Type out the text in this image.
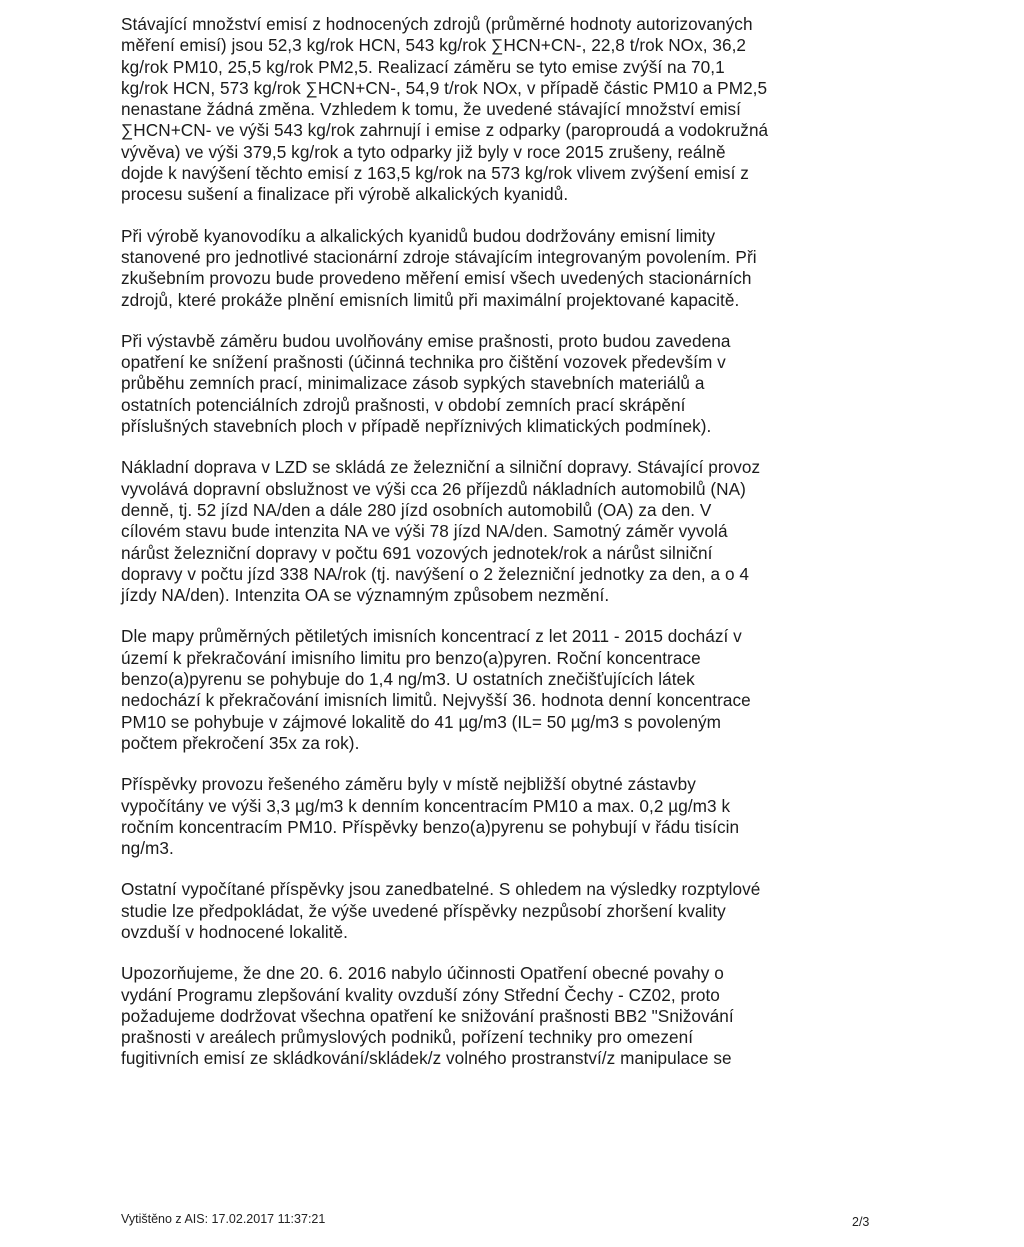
Stávající množství emisí z hodnocených zdrojů (průměrné hodnoty autorizovaných
měření emisí) jsou 52,3 kg/rok HCN, 543 kg/rok ∑HCN+CN-, 22,8 t/rok NOx, 36,2
kg/rok PM10, 25,5 kg/rok PM2,5. Realizací záměru se tyto emise zvýší na 70,1
kg/rok HCN, 573 kg/rok ∑HCN+CN-, 54,9 t/rok NOx, v případě částic PM10 a PM2,5
nenastane žádná změna. Vzhledem k tomu, že uvedené stávající množství emisí
∑HCN+CN- ve výši 543 kg/rok zahrnují i emise z odparky (paroproudá a vodokružná
vývěva) ve výši 379,5 kg/rok a tyto odparky již byly v roce 2015 zrušeny, reálně
dojde k navýšení těchto emisí z 163,5 kg/rok na 573 kg/rok vlivem zvýšení emisí z
procesu sušení a finalizace při výrobě alkalických kyanidů.

Při výrobě kyanovodíku a alkalických kyanidů budou dodržovány emisní limity
stanovené pro jednotlivé stacionární zdroje stávajícím integrovaným povolením. Při
zkušebním provozu bude provedeno měření emisí všech uvedených stacionárních
zdrojů, které prokáže plnění emisních limitů při maximální projektované kapacitě.

Při výstavbě záměru budou uvolňovány emise prašnosti, proto budou zavedena
opatření ke snížení prašnosti (účinná technika pro čištění vozovek především v
průběhu zemních prací, minimalizace zásob sypkých stavebních materiálů a
ostatních potenciálních zdrojů prašnosti, v období zemních prací skrápění
příslušných stavebních ploch v případě nepříznivých klimatických podmínek).

Nákladní doprava v LZD se skládá ze železniční a silniční dopravy. Stávající provoz
vyvolává dopravní obslužnost ve výši cca 26 příjezdů nákladních automobilů (NA)
denně, tj. 52 jízd NA/den a dále 280 jízd osobních automobilů (OA) za den. V
cílovém stavu bude intenzita NA ve výši 78 jízd NA/den. Samotný záměr vyvolá
nárůst železniční dopravy v počtu 691 vozových jednotek/rok a nárůst silniční
dopravy v počtu jízd 338 NA/rok (tj. navýšení o 2 železniční jednotky za den, a o 4
jízdy NA/den). Intenzita OA se významným způsobem nezmění.

Dle mapy průměrných pětiletých imisních koncentrací z let 2011 - 2015 dochází v
území k překračování imisního limitu pro benzo(a)pyren. Roční koncentrace
benzo(a)pyrenu se pohybuje do 1,4 ng/m3. U ostatních znečišťujících látek
nedochází k překračování imisních limitů. Nejvyšší 36. hodnota denní koncentrace
PM10 se pohybuje v zájmové lokalitě do 41 µg/m3 (IL= 50 µg/m3 s povoleným
počtem překročení 35x za rok).

Příspěvky provozu řešeného záměru byly v místě nejbližší obytné zástavby
vypočítány ve výši 3,3 µg/m3 k denním koncentracím PM10 a max. 0,2 µg/m3 k
ročním koncentracím PM10. Příspěvky benzo(a)pyrenu se pohybují v řádu tisícin
ng/m3.

Ostatní vypočítané příspěvky jsou zanedbatelné. S ohledem na výsledky rozptylové
studie lze předpokládat, že výše uvedené příspěvky nezpůsobí zhoršení kvality
ovzduší v hodnocené lokalitě.

Upozorňujeme, že dne 20. 6. 2016 nabylo účinnosti Opatření obecné povahy o
vydání Programu zlepšování kvality ovzduší zóny Střední Čechy - CZ02, proto
požadujeme dodržovat všechna opatření ke snižování prašnosti BB2 "Snižování
prašnosti v areálech průmyslových podniků, pořízení techniky pro omezení
fugitivních emisí ze skládkování/skládek/z volného prostranství/z manipulace se

Vytištěno z AIS: 17.02.2017 11:37:21	2/3
